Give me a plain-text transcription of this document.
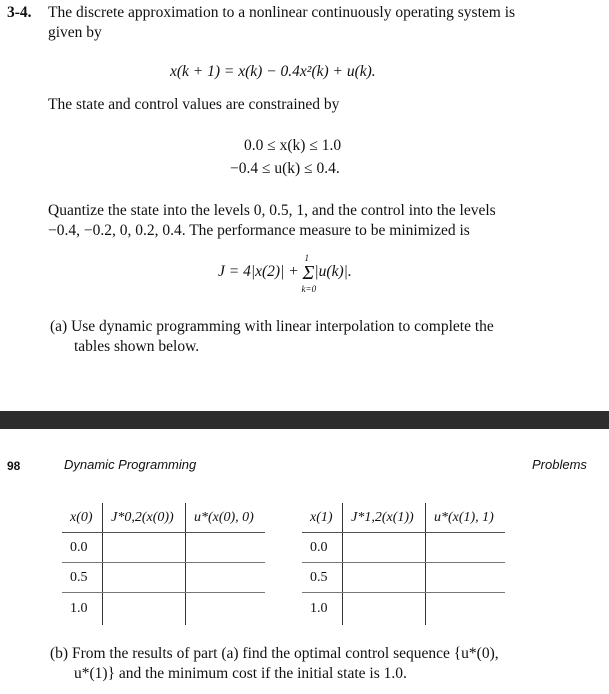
3-4. The discrete approximation to a nonlinear continuously operating system is
given by
x(k + 1) = x(k) − 0.4x²(k) + u(k).
The state and control values are constrained by
0.0 ≤ x(k) ≤ 1.0
−0.4 ≤ u(k) ≤ 0.4.
Quantize the state into the levels 0, 0.5, 1, and the control into the levels
−0.4, −0.2, 0, 0.2, 0.4. The performance measure to be minimized is
J = 4|x(2)| +
1
Σ
k=0
|u(k)|.
(a) Use dynamic programming with linear interpolation to complete the
tables shown below.
98	Dynamic Programming	Problems
x(0)	J*0,2(x(0))	u*(x(0), 0)
0.0		
0.5		
1.0		
x(1)	J*1,2(x(1))	u*(x(1), 1)
0.0		
0.5		
1.0		
(b) From the results of part (a) find the optimal control sequence {u*(0),
u*(1)} and the minimum cost if the initial state is 1.0.
